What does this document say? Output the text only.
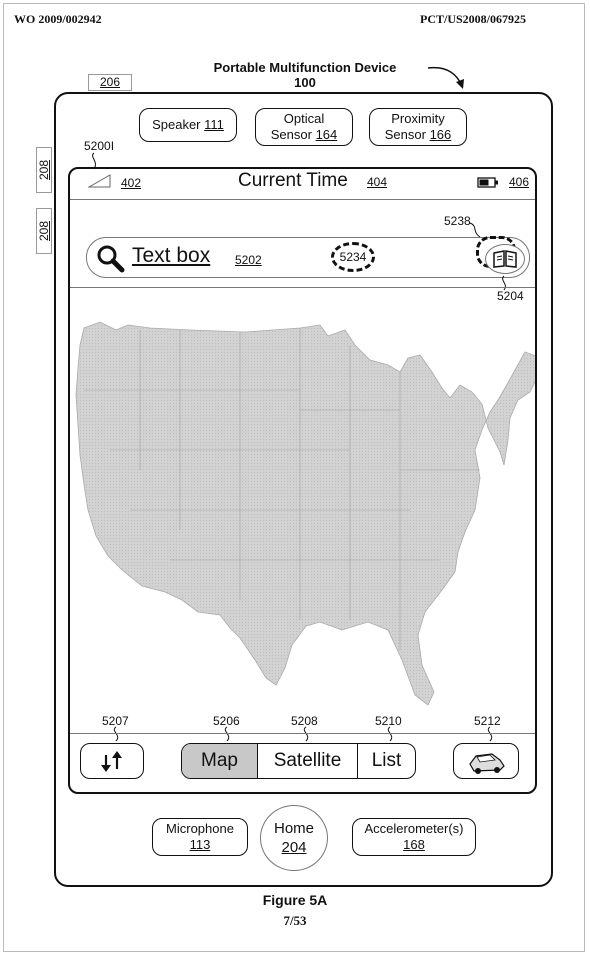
WO 2009/002942	PCT/US2008/067925
Portable Multifunction Device
100
206
208
208
Speaker 111	Optical
Sensor 164
Proximity
Sensor 166
5200I
402	Current Time 404	406
Text box 5202	5234
5238
5204
5207	5206	5208	5210	5212
Map	Satellite	List
Microphone
113
Home
204
Accelerometer(s)
168
Figure 5A
7/53
